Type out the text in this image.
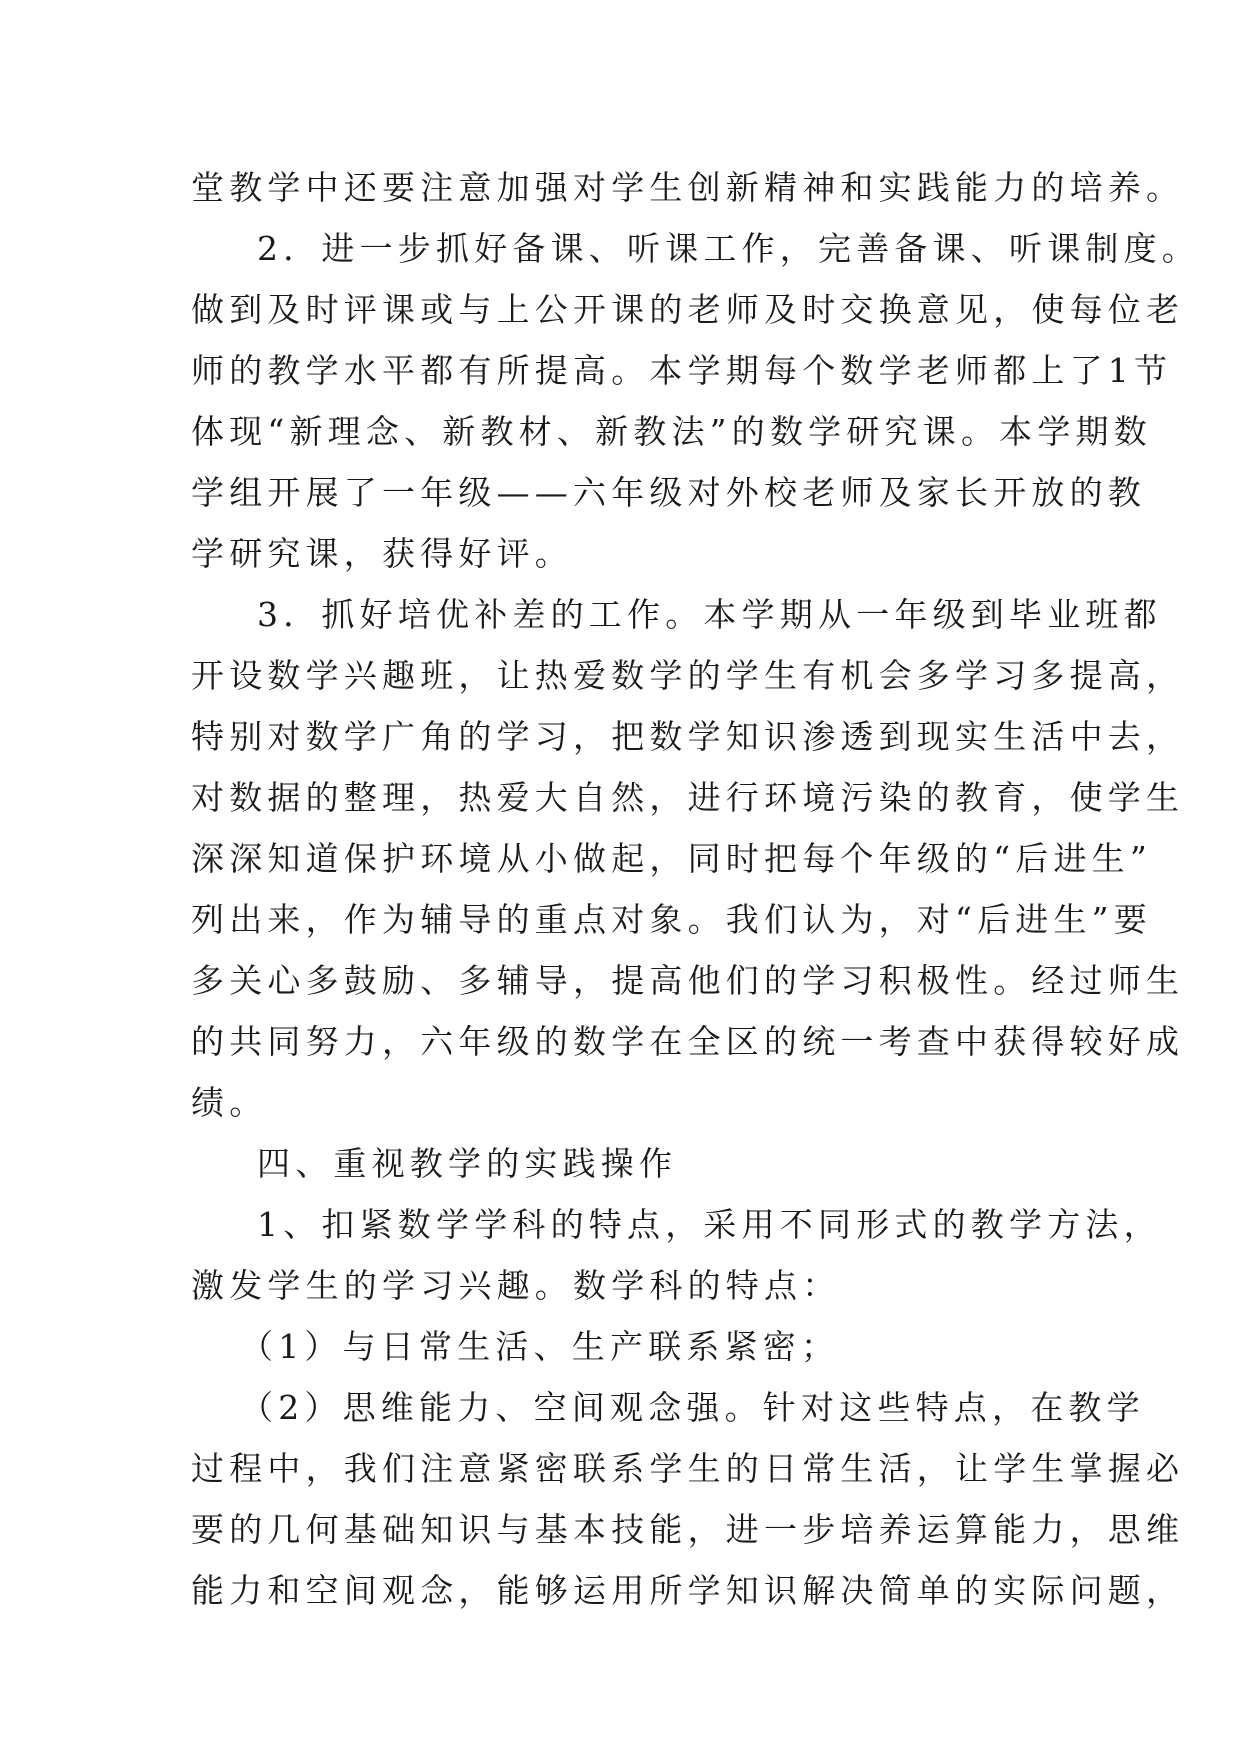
堂教学中还要注意加强对学生创新精神和实践能力的培养。
2．进一步抓好备课、听课工作，完善备课、听课制度。
做到及时评课或与上公开课的老师及时交换意见，使每位老
师的教学水平都有所提高。本学期每个数学老师都上了1节
体现“新理念、新教材、新教法”的数学研究课。本学期数
学组开展了一年级——六年级对外校老师及家长开放的教
学研究课，获得好评。
3．抓好培优补差的工作。本学期从一年级到毕业班都
开设数学兴趣班，让热爱数学的学生有机会多学习多提高，
特别对数学广角的学习，把数学知识渗透到现实生活中去，
对数据的整理，热爱大自然，进行环境污染的教育，使学生
深深知道保护环境从小做起，同时把每个年级的“后进生”
列出来，作为辅导的重点对象。我们认为，对“后进生”要
多关心多鼓励、多辅导，提高他们的学习积极性。经过师生
的共同努力，六年级的数学在全区的统一考查中获得较好成
绩。
四、重视教学的实践操作
1、扣紧数学学科的特点，采用不同形式的教学方法，
激发学生的学习兴趣。数学科的特点：
（1）与日常生活、生产联系紧密；
（2）思维能力、空间观念强。针对这些特点，在教学
过程中，我们注意紧密联系学生的日常生活，让学生掌握必
要的几何基础知识与基本技能，进一步培养运算能力，思维
能力和空间观念，能够运用所学知识解决简单的实际问题，
